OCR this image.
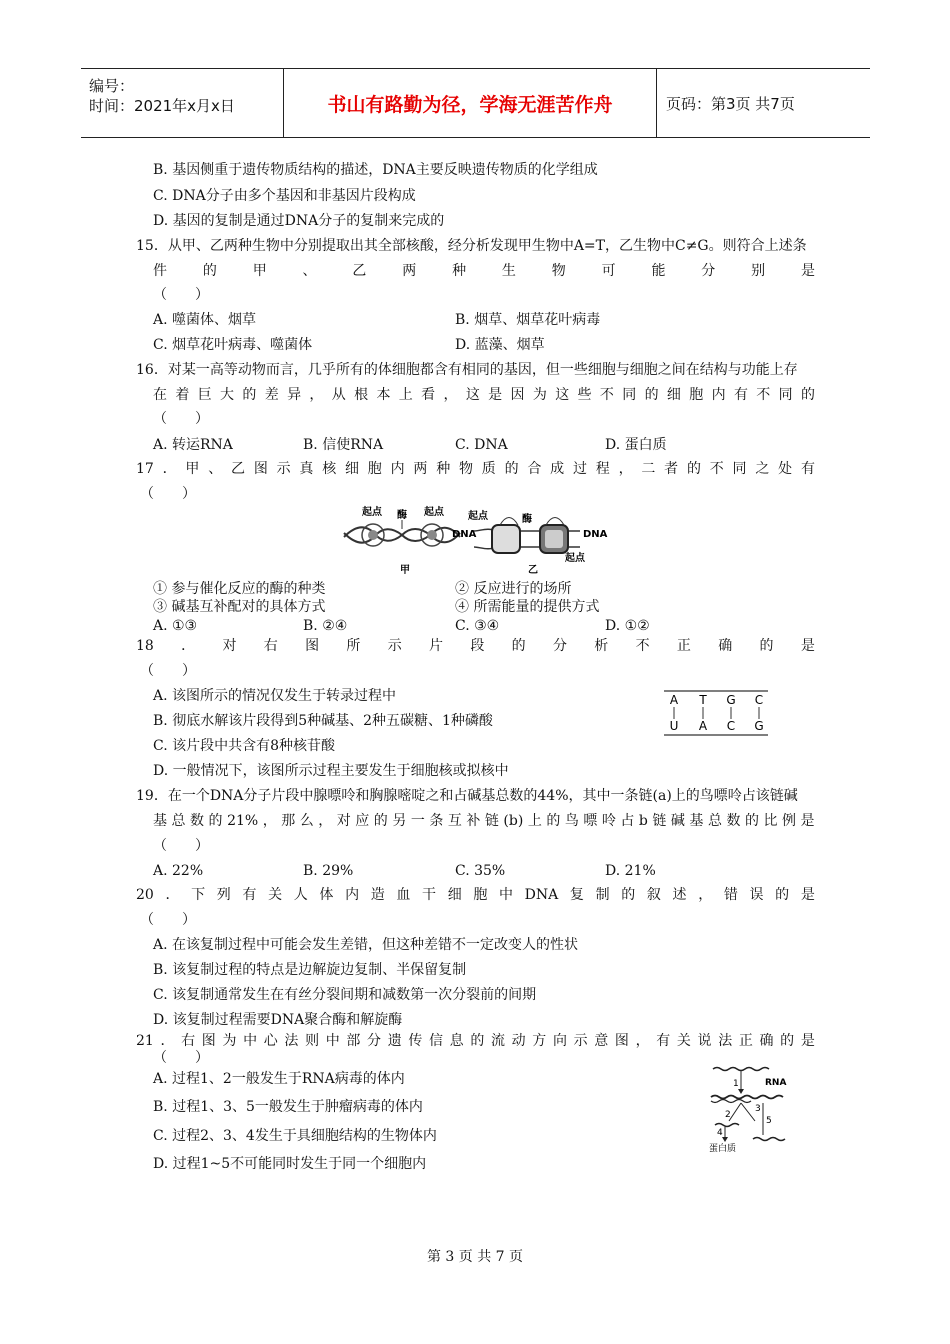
编号：
时间：2021年x月x日	书山有路勤为径，学海无涯苦作舟	页码：第3页 共7页
B. 基因侧重于遗传物质结构的描述，DNA主要反映遗传物质的化学组成
C. DNA分子由多个基因和非基因片段构成
D. 基因的复制是通过DNA分子的复制来完成的
15．从甲、乙两种生物中分别提取出其全部核酸，经分析发现甲生物中A=T，乙生物中C≠G。则符合上述条
件	的	甲	、	乙	两	种	生	物	可	能	分	别	是
（　　）
A. 噬菌体、烟草	B. 烟草、烟草花叶病毒
C. 烟草花叶病毒、噬菌体	D. 蓝藻、烟草
16．对某一高等动物而言，几乎所有的体细胞都含有相同的基因，但一些细胞与细胞之间在结构与功能上存
在 着 巨 大 的 差 异 ， 从 根 本 上 看 ， 这 是 因 为 这 些 不 同 的 细 胞 内 有 不 同 的
（　　）
A. 转运RNA	B. 信使RNA	C. DNA	D. 蛋白质
17 ． 甲 、 乙 图 示 真 核 细 胞 内 两 种 物 质 的 合 成 过 程 ， 二 者 的 不 同 之 处 有
（　　）
起点 酶 起点
甲
起点
DNA
酶
DNA
起点
乙
① 参与催化反应的酶的种类	② 反应进行的场所
③ 碱基互补配对的具体方式	④ 所需能量的提供方式
A. ①③	B. ②④	C. ③④	D. ①②
18 ． 对 右 图 所 示 片 段 的 分 析 不 正 确 的 是
（　　）
A. 该图所示的情况仅发生于转录过程中
B. 彻底水解该片段得到5种碱基、2种五碳糖、1种磷酸
C. 该片段中共含有8种核苷酸
D. 一般情况下，该图所示过程主要发生于细胞核或拟核中
A T G C
U A C G
19．在一个DNA分子片段中腺嘌呤和胸腺嘧啶之和占碱基总数的44%，其中一条链(a)上的鸟嘌呤占该链碱
基 总 数 的 21% ， 那 么 ， 对 应 的 另 一 条 互 补 链 (b) 上 的 鸟 嘌 呤 占 b 链 碱 基 总 数 的 比 例 是
（　　）
A. 22%	B. 29%	C. 35%	D. 21%
20 ． 下 列 有 关 人 体 内 造 血 干 细 胞 中 DNA 复 制 的 叙 述 ， 错 误 的 是
（　　）
A. 在该复制过程中可能会发生差错，但这种差错不一定改变人的性状
B. 该复制过程的特点是边解旋边复制、半保留复制
C. 该复制通常发生在有丝分裂间期和减数第一次分裂前的间期
D. 该复制过程需要DNA聚合酶和解旋酶
21 ． 右 图 为 中 心 法 则 中 部 分 遗 传 信 息 的 流 动 方 向 示 意 图 ， 有 关 说 法 正 确 的 是
（　　）
A. 过程1、2一般发生于RNA病毒的体内
B. 过程1、3、5一般发生于肿瘤病毒的体内
C. 过程2、3、4发生于具细胞结构的生物体内
D. 过程1~5不可能同时发生于同一个细胞内
1	RNA
2
3
4
蛋白质
5
第 3 页 共 7 页
